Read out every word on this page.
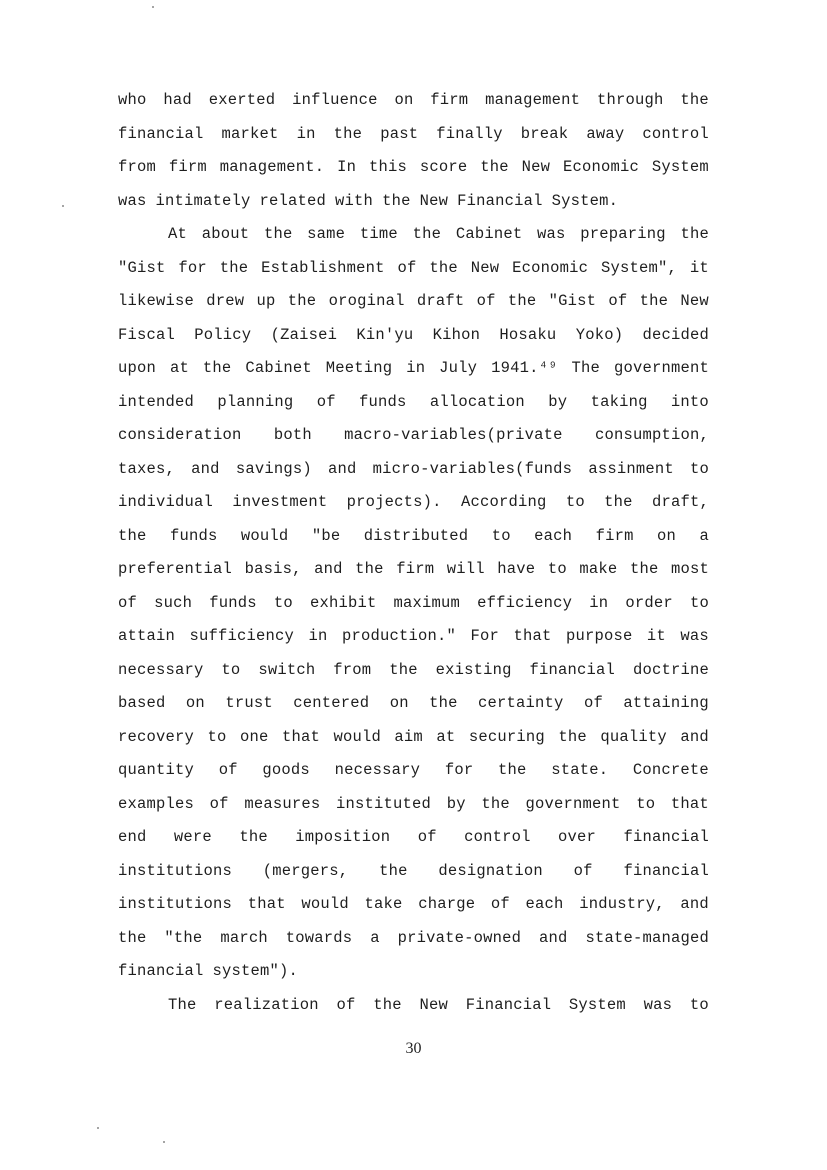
who had exerted influence on firm management through the
financial market in the past finally break away control
from firm management. In this score the New Economic System
was intimately related with the New Financial System.
At about the same time the Cabinet was preparing the
"Gist for the Establishment of the New Economic System", it
likewise drew up the oroginal draft of the "Gist of the New
Fiscal Policy (Zaisei Kin'yu Kihon Hosaku Yoko) decided
upon at the Cabinet Meeting in July 1941.⁴⁹ The government
intended planning of funds allocation by taking into
consideration both macro-variables(private consumption,
taxes, and savings) and micro-variables(funds assinment to
individual investment projects). According to the draft,
the funds would "be distributed to each firm on a
preferential basis, and the firm will have to make the most
of such funds to exhibit maximum efficiency in order to
attain sufficiency in production." For that purpose it was
necessary to switch from the existing financial doctrine
based on trust centered on the certainty of attaining
recovery to one that would aim at securing the quality and
quantity of goods necessary for the state. Concrete
examples of measures instituted by the government to that
end were the imposition of control over financial
institutions (mergers, the designation of financial
institutions that would take charge of each industry, and
the "the march towards a private-owned and state-managed
financial system").
The realization of the New Financial System was to
30
